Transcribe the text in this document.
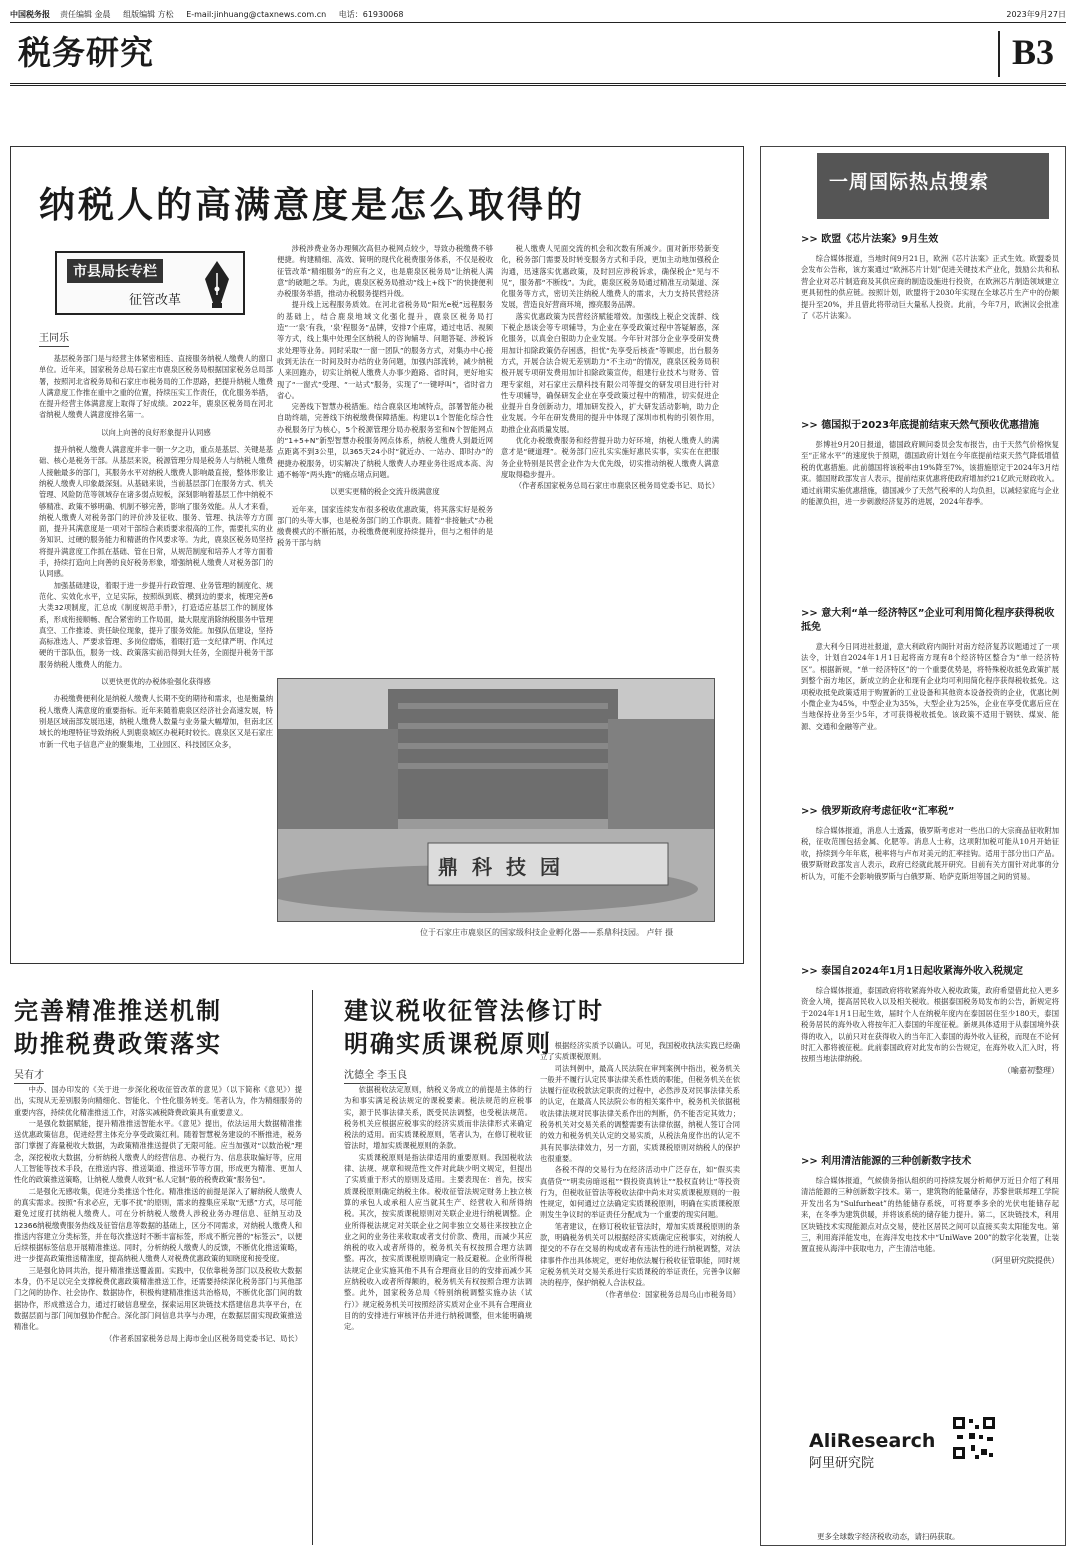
中国税务报 责任编辑 金晨 组版编辑 方松 E-mail:jinhuang@ctaxnews.com.cn 电话：61930068	2023年9月27日
税务研究	B3
纳税人的高满意度是怎么取得的
市县局长专栏
征管改革
王同乐

基层税务部门是与经营主体紧密相连、直接服务纳税人缴费人的窗口单位。近年来，国家税务总局石家庄市鹿泉区税务局根据国家税务总局部署，按照河北省税务局和石家庄市税务局的工作思路，把提升纳税人缴费人满意度工作推在重中之重的位置，持续压实工作责任，优化服务举措，在提升经营主体满意度上取得了好成绩。2022年，鹿泉区税务局在河北省纳税人缴费人满意度排名第一。

以向上向善的良好形象提升认同感

提升纳税人缴费人满意度并非一朝一夕之功，重点是基层、关键是基础、核心是税务干部。从基层来说，税源管理分局是税务人与纳税人缴费人接触最多的部门，其服务水平对纳税人缴费人影响最直接，整体形象让纳税人缴费人印象最深刻。从基础来说，当前基层部门在服务方式、机关管理、风险防范等领域存在诸多弱点短板，深刻影响着基层工作中纳税不够精准、政策不够明确、机制不够完善，影响了服务效能。从人才来看，纳税人缴费人对税务部门的评价涉及征收、服务、管理、执法等方方面面，提升其满意度是一项对干部综合素质要求很高的工作，需要扎实的业务知识、过硬的服务能力和精湛的作风要求等。为此，鹿泉区税务局坚持将提升满意度工作抓在基础、管在日常，从规范制度和培养人才等方面着手，持续打造向上向善的良好税务形象，增强纳税人缴费人对税务部门的认同感。

加强基础建设，着眼于进一步提升行政管理、业务管理的制度化、规范化、实效化水平，立足实际，按照纵到底、横到边的要求，梳理完善6大类32项制度，汇总成《制度规范手册》，打造适应基层工作的制度体系，形成衔接顺畅、配合紧密的工作局面，最大限度消除纳税服务中管理真空、工作推诿、责任缺位现象，提升了服务效能。加强队伍建设，坚持高标准选人、严要求管理、多岗位磨炼，着眼打造一支纪律严明、作风过硬的干部队伍，服务一线、政策落实前沿得到大任务，全面提升税务干部服务纳税人缴费人的能力。

以更快更优的办税体验强化获得感

办税缴费便利化是纳税人缴费人长期不变的期待和需求，也是衡量纳税人缴费人满意度的重要指标。近年来随着鹿泉区经济社会高速发展，特别是区域南部发展迅速，纳税人缴费人数量与业务量大幅增加，但南北区域长的地理特征导致纳税人到鹿泉城区办税耗时较长。鹿泉区又是石家庄市新一代电子信息产业的聚集地，工业园区、科技园区众多，

涉税涉费业务办理频次高但办税网点较少，导致办税缴费不够便捷。构建精细、高效、简明的现代化税费服务体系，不仅是税收征管改革“精细服务”的应有之义，也是鹿泉区税务局“让纳税人满意”的破题之举。为此，鹿泉区税务局推动“线上+线下”的快捷便利办税服务举措，推动办税服务提档升级。

提升线上远程服务质效。在河北省税务局“阳光e税”远程服务的基础上，结合鹿泉地域文化强化提升，鹿泉区税务局打造“一‘泉’有我，‘泉’程服务”品牌，安排7个座席，通过电话、视频等方式，线上集中处理全区纳税人的咨询辅导、问题答疑、涉税诉求处理等业务。同时采取“一窗一团队”的服务方式，对集办中心接收到无法在一时间及时办结的业务问题，加强内部流转，减少纳税人来回跑办，切实让纳税人缴费人办事少跑路、省时间，更好地实现了“一窗式”受理、“一站式”服务，实现了“一键呼叫”，省时省力省心。

完善线下智慧办税措施。结合鹿泉区地域特点，部署智能办税自助终端，完善线下纳税缴费保障措施。构建以1个智能化综合性办税服务厅为核心，5个税源管理分局办税服务室和N个智能网点的“1+5+N”新型智慧办税服务网点体系，纳税人缴费人到最近网点距离不到3公里，以365天24小时“就近办、一站办、即时办”的便捷办税服务，切实解决了纳税人缴费人办理业务往返成本高、沟通不畅等“两头跑”的痛点堵点问题。

以更实更精的税企交流升级满意度

近年来，国家连续发布很多税收优惠政策，将其落实好是税务部门的头等大事，也是税务部门的工作职责。随着“非接触式”办税缴费模式的不断拓展，办税缴费便利度持续提升，但与之相伴的是税务干部与纳

税人缴费人见面交流的机会和次数有所减少。面对新形势新变化，税务部门需要及时转变服务方式和手段，更加主动地加强税企沟通，迅速落实优惠政策，及时回应涉税诉求，确保税企“见与不见”，服务都“不断线”。为此，鹿泉区税务局通过精准互动渠道、深化服务等方式，密切关注纳税人缴费人的需求，大力支持民营经济发展，营造良好营商环境，擦亮服务品牌。

落实优惠政策为民营经济赋能增效。加强线上税企交流群、线下税企恳谈会等专项辅导，为企业在享受政策过程中答疑解惑，深化服务，以真金白银助力企业发展。今年针对部分企业享受研发费用加计扣除政策仍存困惑，担忧“先享受后核查”等顾虑，出台服务方式，开展合法合规无差别助力“不主动”的情况，鹿泉区税务局积极开展专项研发费用加计扣除政策宣传，组建行业技术与财务、管理专家组，对石家庄云鼎科技有限公司等提交的研发项目进行针对性专项辅导，确保研发企业在享受政策过程中的精准，切实促进企业提升自身创新动力，增加研发投入，扩大研发活动影响，助力企业发展。今年在研发费用的提升中体现了深圳市机构的引领作用，助推企业高质量发展。

优化办税缴费服务和经营提升助力好环境，纳税人缴费人的满意才是“硬道理”。税务部门应扎实实施好惠民实事，实实在在把服务企业特别是民营企业作为大优先级，切实推动纳税人缴费人满意度取得稳步提升。

（作者系国家税务总局石家庄市鹿泉区税务局党委书记、局长）

鼎科技园
位于石家庄市鹿泉区的国家级科技企业孵化器——系鼎科技园。 卢轩 摄
完善精准推送机制
助推税费政策落实
吴有才

中办、国办印发的《关于进一步深化税收征管改革的意见》（以下简称《意见》）提出，实现从无差别服务向精细化、智能化、个性化服务转变。笔者认为，作为精细服务的重要内容，持续优化精准推送工作，对落实减税降费政策具有重要意义。

一是强化数据赋能，提升精准推送智能水平。《意见》提出，依法运用大数据精准推送优惠政策信息，促进经营主体充分享受政策红利。随着智慧税务建设的不断推进，税务部门掌握了海量税收大数据，为政策精准推送提供了无限可能。应当加强对“以数治税”理念，深挖税收大数据，分析纳税人缴费人的经营信息、办税行为、信息获取偏好等，应用人工智能等技术手段，在推送内容、推送渠道、推送环节等方面，形成更为精准、更加人性化的政策推送策略，让纳税人缴费人收到“私人定制”般的税费政策“服务包”。

二是强化无感收集，促进分类推送个性化。精准推送的前提是深入了解纳税人缴费人的真实需求。按照“有求必应，无事不扰”的原则，需求的搜集应采取“无感”方式，尽可能避免过度打扰纳税人缴费人。可在分析纳税人缴费人涉税业务办理信息、征纳互动及12366纳税缴费服务热线及征管信息等数据的基础上，区分不同需求，对纳税人缴费人和推送内容建立分类标签，并在每次推送时不断丰富标签，形成不断完善的“标签云”，以便后续根据标签信息开展精准推送。同时，分析纳税人缴费人的反馈，不断优化推送策略，进一步提高政策推送精准度，提高纳税人缴费人对税费优惠政策的知晓度和接受度。

三是强化协同共治，提升精准推送覆盖面。实践中，仅依靠税务部门以及税收大数据本身，仍不足以完全支撑税费优惠政策精准推送工作，还需要持续深化税务部门与其他部门之间的协作、社会协作、数据协作，积极构建精准推送共治格局，不断优化部门间的数据协作，形成推送合力，通过打破信息壁垒，探索运用区块链技术搭建信息共享平台，在数据层面与部门间加强协作配合。深化部门间信息共享与办理，在数据层面实现政策推送精准化。

（作者系国家税务总局上海市金山区税务局党委书记、局长）

建议税收征管法修订时
明确实质课税原则
沈德全 李玉良

依据税收法定原则，纳税义务成立的前提是主体的行为和事实满足税法规定的课税要素。税法规范的应税事实，源于民事法律关系，既受民法调整，也受税法规范。税务机关应根据应税事实的经济实质而非法律形式来确定税法的适用。而实质课税原则，笔者认为，在修订税收征管法时，增加实质课税原则的条款。

实质课税原则是指法律适用的重要原则。我国税收法律、法规、规章和规范性文件对此缺少明文规定，但提出了实质重于形式的原则及适用。主要表现在：首先，按实质课税原则确定纳税主体。税收征管法规定财务上独立核算的承包人或承租人应当就其生产、经营收入和所得纳税。其次，按实质课税原则对关联企业进行纳税调整。企业所得税法规定对关联企业之间非独立交易往来按独立企业之间的业务往来收取或者支付价款、费用，而减少其应纳税的收入或者所得的，税务机关有权按照合理方法调整。再次，按实质课税原则确定一般反避税。企业所得税法规定企业实施其他不具有合理商业目的的安排而减少其应纳税收入或者所得额的，税务机关有权按照合理方法调整。此外，国家税务总局《特别纳税调整实施办法（试行）》规定税务机关可按照经济实质对企业不具有合理商业目的的安排进行审核评估并进行纳税调整，但未能明确规定。

根据经济实质予以确认。可见，我国税收执法实践已经确立了实质课税原则。

司法判例中，最高人民法院在审判案例中指出，税务机关一般并不履行认定民事法律关系性质的职能，但税务机关在依法履行征收税款法定职责的过程中，必然涉及对民事法律关系的认定，在最高人民法院公布的相关案件中，税务机关依据税收法律法规对民事法律关系作出的判断，仍不能否定其效力；税务机关对交易关系的调整需要有法律依据，纳税人签订合同的效力和税务机关认定的交易实质，从税法角度作出的认定不具有民事法律效力，另一方面，实质课税原则对纳税人的保护也很重要。

各税不得的交易行为在经济活动中广泛存在，如“假买卖真借贷”“明卖房暗返租”“假投资真转让”“股权直转让”等投资行为，但税收征管法等税收法律中尚未对实质课税原则的一般性规定，如何通过立法确定实质课税原则，明确在实质课税原则发生争议时的举证责任分配成为一个重要的现实问题。

笔者建议，在修订税收征管法时，增加实质课税原则的条款，明确税务机关可以根据经济实质确定应税事实，对纳税人提交的不存在交易的构成或者有违法性的进行纳税调整，对法律事件作出具体规定，更好地依法履行税收征管职能，同时规定税务机关对交易关系进行实质课税的举证责任，完善争议解决的程序，保护纳税人合法权益。

（作者单位：国家税务总局乌山市税务局）

一周国际热点搜索
>> 欧盟《芯片法案》9月生效

综合媒体报道，当地时间9月21日，欧洲《芯片法案》正式生效。欧盟委员会发布公告称，该方案通过“欧洲芯片计划”促进关键技术产业化，鼓励公共和私营企业对芯片制造商及其供应商的制造设施进行投资，在欧洲芯片制造领域建立更具韧性的供应链。按照计划，欧盟将于2030年实现在全球芯片生产中的份额提升至20%，并且借此将带动巨大量私人投资。此前，今年7月，欧洲议会批准了《芯片法案》。

>> 德国拟于2023年底提前结束天然气预收优惠措施

彭博社9月20日报道，德国政府顾问委员会发布报告，由于天然气价格恢复至“正常水平”的速度快于预期，德国政府计划在今年底提前结束天然气降低增值税的优惠措施。此前德国将该税率由19%降至7%，该措施原定于2024年3月结束。德国财政部发言人表示，提前结束优惠将使政府增加约21亿欧元财政收入。通过前期实施优惠措施，德国减少了天然气税率的人均负担，以减轻家庭与企业的能源负担，进一步刺激经济复苏的进展，2024年春季。

>> 意大利“单一经济特区”企业可利用简化程序获得税收抵免

意大利今日同进社报道，意大利政府内阁针对南方经济复苏议题通过了一项法令，计划自2024年1月1日起将南方现有8个经济特区整合为“单一经济特区”。根据新规，“单一经济特区”的一个重要优势是，将特殊税收抵免政策扩展到整个南方地区，新成立的企业和现有企业均可利用简化程序获得税收抵免。这项税收抵免政策适用于购置新的工业设备和其他资本设备投资的企业，优惠比例小微企业为45%，中型企业为35%，大型企业为25%，企业在享受优惠后应在当地保持业务至少5年，才可获得税收抵免。该政策不适用于钢铁、煤炭、能源、交通和金融等产业。

>> 俄罗斯政府考虑征收“汇率税”

综合媒体报道，消息人士透露，俄罗斯考虑对一些出口的大宗商品征收附加税，征收范围包括金属、化肥等。消息人士称，这项附加税可能从10月开始征收，持续到今年年底，税率将与卢布对美元的汇率挂钩。适用于部分出口产品。俄罗斯财政部发言人表示，政府已经就此展开研究。目前有关方面针对此事的分析认为，可能不会影响俄罗斯与白俄罗斯、哈萨克斯坦等国之间的贸易。

>> 泰国自2024年1月1日起收紧海外收入税规定

综合媒体报道，泰国政府将收紧海外收入税收政策，政府希望借此拉入更多资金入境，提高居民收入以及相关税收。根据泰国税务局发布的公告，新规定将于2024年1月1日起生效，届时个人在纳税年度内在泰国居住至少180天，泰国税务居民的海外收入将按年汇入泰国的年度征税。新规具体适用于从泰国境外获得的收入，以前只对在获得收入的当年汇入泰国的海外收入征税，而现在不论何时汇入都将被征税。此前泰国政府对此发布的公告规定，在海外收入汇入时，将按照当地法律纳税。

（喻嘉初整理）
>> 利用清洁能源的三种创新数字技术

综合媒体报道，气候债务指认组织的可持续发展分析师伊万近日介绍了利用清洁能源的三种创新数字技术。第一，建筑物的能量储存，苏黎世联邦理工学院开发出名为“Sulfurheat”的热能储存系统，可将夏季多余的光伏电能储存起来，在冬季为建筑供暖，并将该系统的储存能力提升。第二，区块链技术，利用区块链技术实现能源点对点交易，使社区居民之间可以直接买卖太阳能发电。第三，利用海洋能发电，在海洋发电技术中“UniWave 200”的数字化装置，让装置直接从海洋中获取电力，产生清洁电能。

（阿里研究院提供）
AliResearch
阿里研究院
更多全球数字经济税收动态，请扫码获取。
